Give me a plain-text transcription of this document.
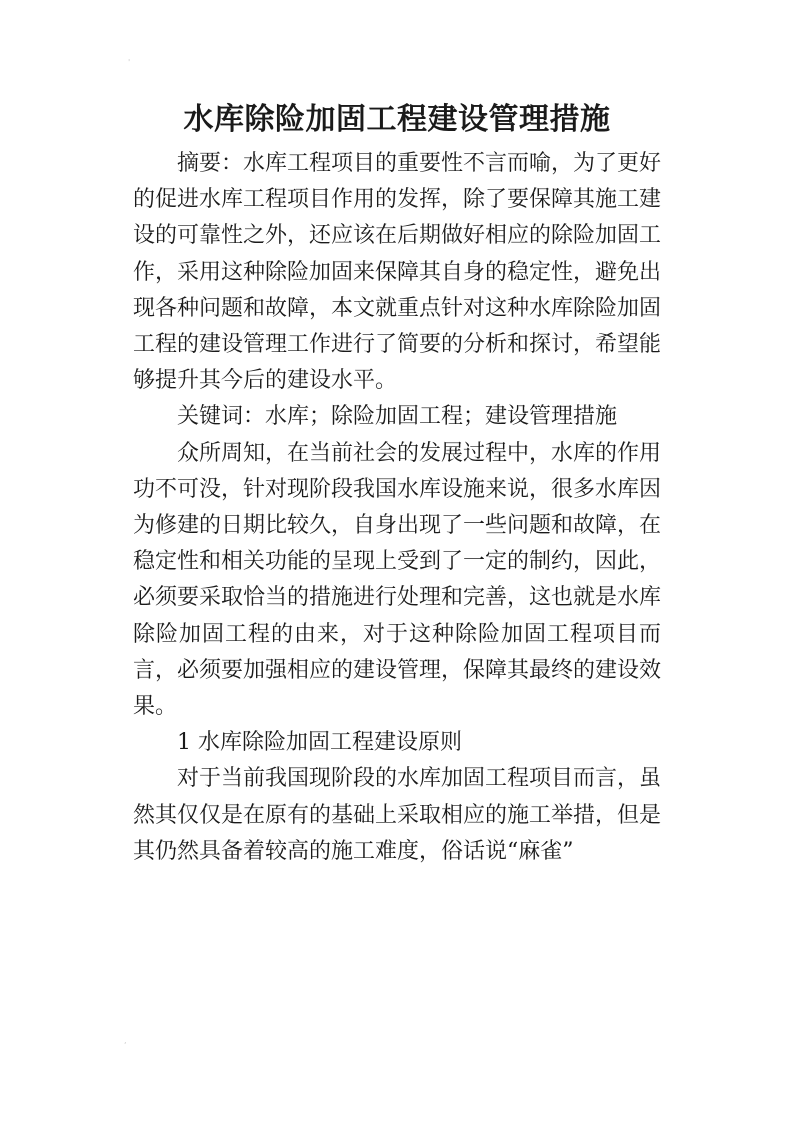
'
水库除险加固工程建设管理措施

摘要：水库工程项目的重要性不言而喻，为了更好的促进水库工程项目作用的发挥，除了要保障其施工建设的可靠性之外，还应该在后期做好相应的除险加固工作，采用这种除险加固来保障其自身的稳定性，避免出现各种问题和故障，本文就重点针对这种水库除险加固工程的建设管理工作进行了简要的分析和探讨，希望能够提升其今后的建设水平。

关键词：水库；除险加固工程；建设管理措施

众所周知，在当前社会的发展过程中，水库的作用功不可没，针对现阶段我国水库设施来说，很多水库因为修建的日期比较久，自身出现了一些问题和故障，在稳定性和相关功能的呈现上受到了一定的制约，因此，必须要采取恰当的措施进行处理和完善，这也就是水库除险加固工程的由来，对于这种除险加固工程项目而言，必须要加强相应的建设管理，保障其最终的建设效果。

1 水库除险加固工程建设原则

对于当前我国现阶段的水库加固工程项目而言，虽然其仅仅是在原有的基础上采取相应的施工举措，但是其仍然具备着较高的施工难度，俗话说“麻雀”

,
